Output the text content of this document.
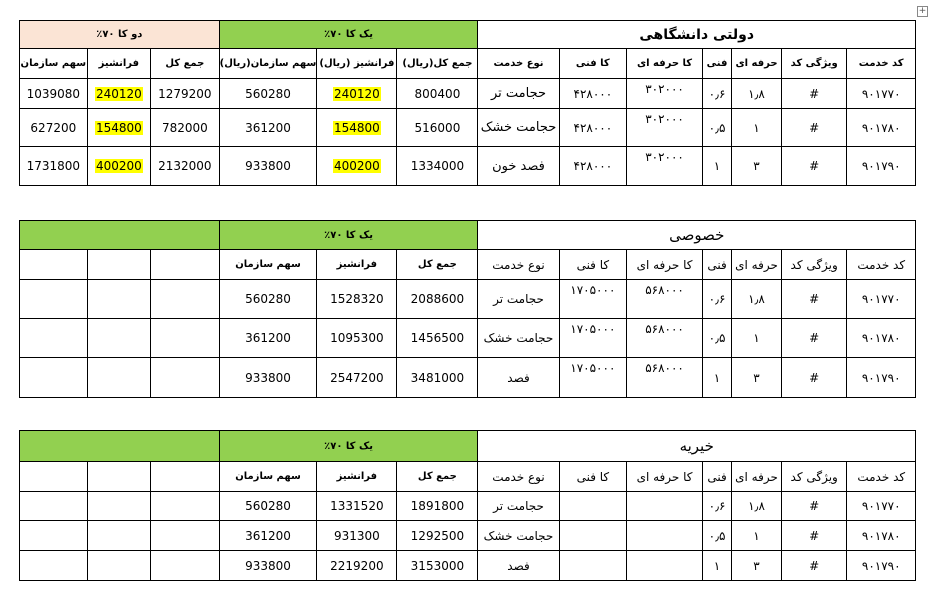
+
دولتی دانشگاهی							یک کا ۷۰٪			دو کا ۷۰٪		
کد خدمت	ویژگی کد	حرفه ای	فنی	کا حرفه ای	کا فنی	نوع خدمت	جمع کل(ریال)	فرانشیز (ریال)	سهم سازمان(ریال)	جمع کل	فرانشیز	سهم سازمان
۹۰۱۷۷۰	#	۱٫۸	۰٫۶	۳۰۲۰۰۰	۴۲۸۰۰۰	حجامت تر	800400	240120	560280	1279200	240120	1039080
۹۰۱۷۸۰	#	۱	۰٫۵	۳۰۲۰۰۰	۴۲۸۰۰۰	حجامت خشک	516000	154800	361200	782000	154800	627200
۹۰۱۷۹۰	#	۳	۱	۳۰۲۰۰۰	۴۲۸۰۰۰	فصد خون	1334000	400200	933800	2132000	400200	1731800
خصوصی							یک کا ۷۰٪					
کد خدمت	ویژگی کد	حرفه ای	فنی	کا حرفه ای	کا فنی	نوع خدمت	جمع کل	فرانشیز	سهم سازمان			
۹۰۱۷۷۰	#	۱٫۸	۰٫۶	۵۶۸۰۰۰	۱۷۰۵۰۰۰	حجامت تر	2088600	1528320	560280			
۹۰۱۷۸۰	#	۱	۰٫۵	۵۶۸۰۰۰	۱۷۰۵۰۰۰	حجامت خشک	1456500	1095300	361200			
۹۰۱۷۹۰	#	۳	۱	۵۶۸۰۰۰	۱۷۰۵۰۰۰	فصد	3481000	2547200	933800			
خیریه							یک کا ۷۰٪					
کد خدمت	ویژگی کد	حرفه ای	فنی	کا حرفه ای	کا فنی	نوع خدمت	جمع کل	فرانشیز	سهم سازمان			
۹۰۱۷۷۰	#	۱٫۸	۰٫۶			حجامت تر	1891800	1331520	560280			
۹۰۱۷۸۰	#	۱	۰٫۵			حجامت خشک	1292500	931300	361200			
۹۰۱۷۹۰	#	۳	۱			فصد	3153000	2219200	933800			
